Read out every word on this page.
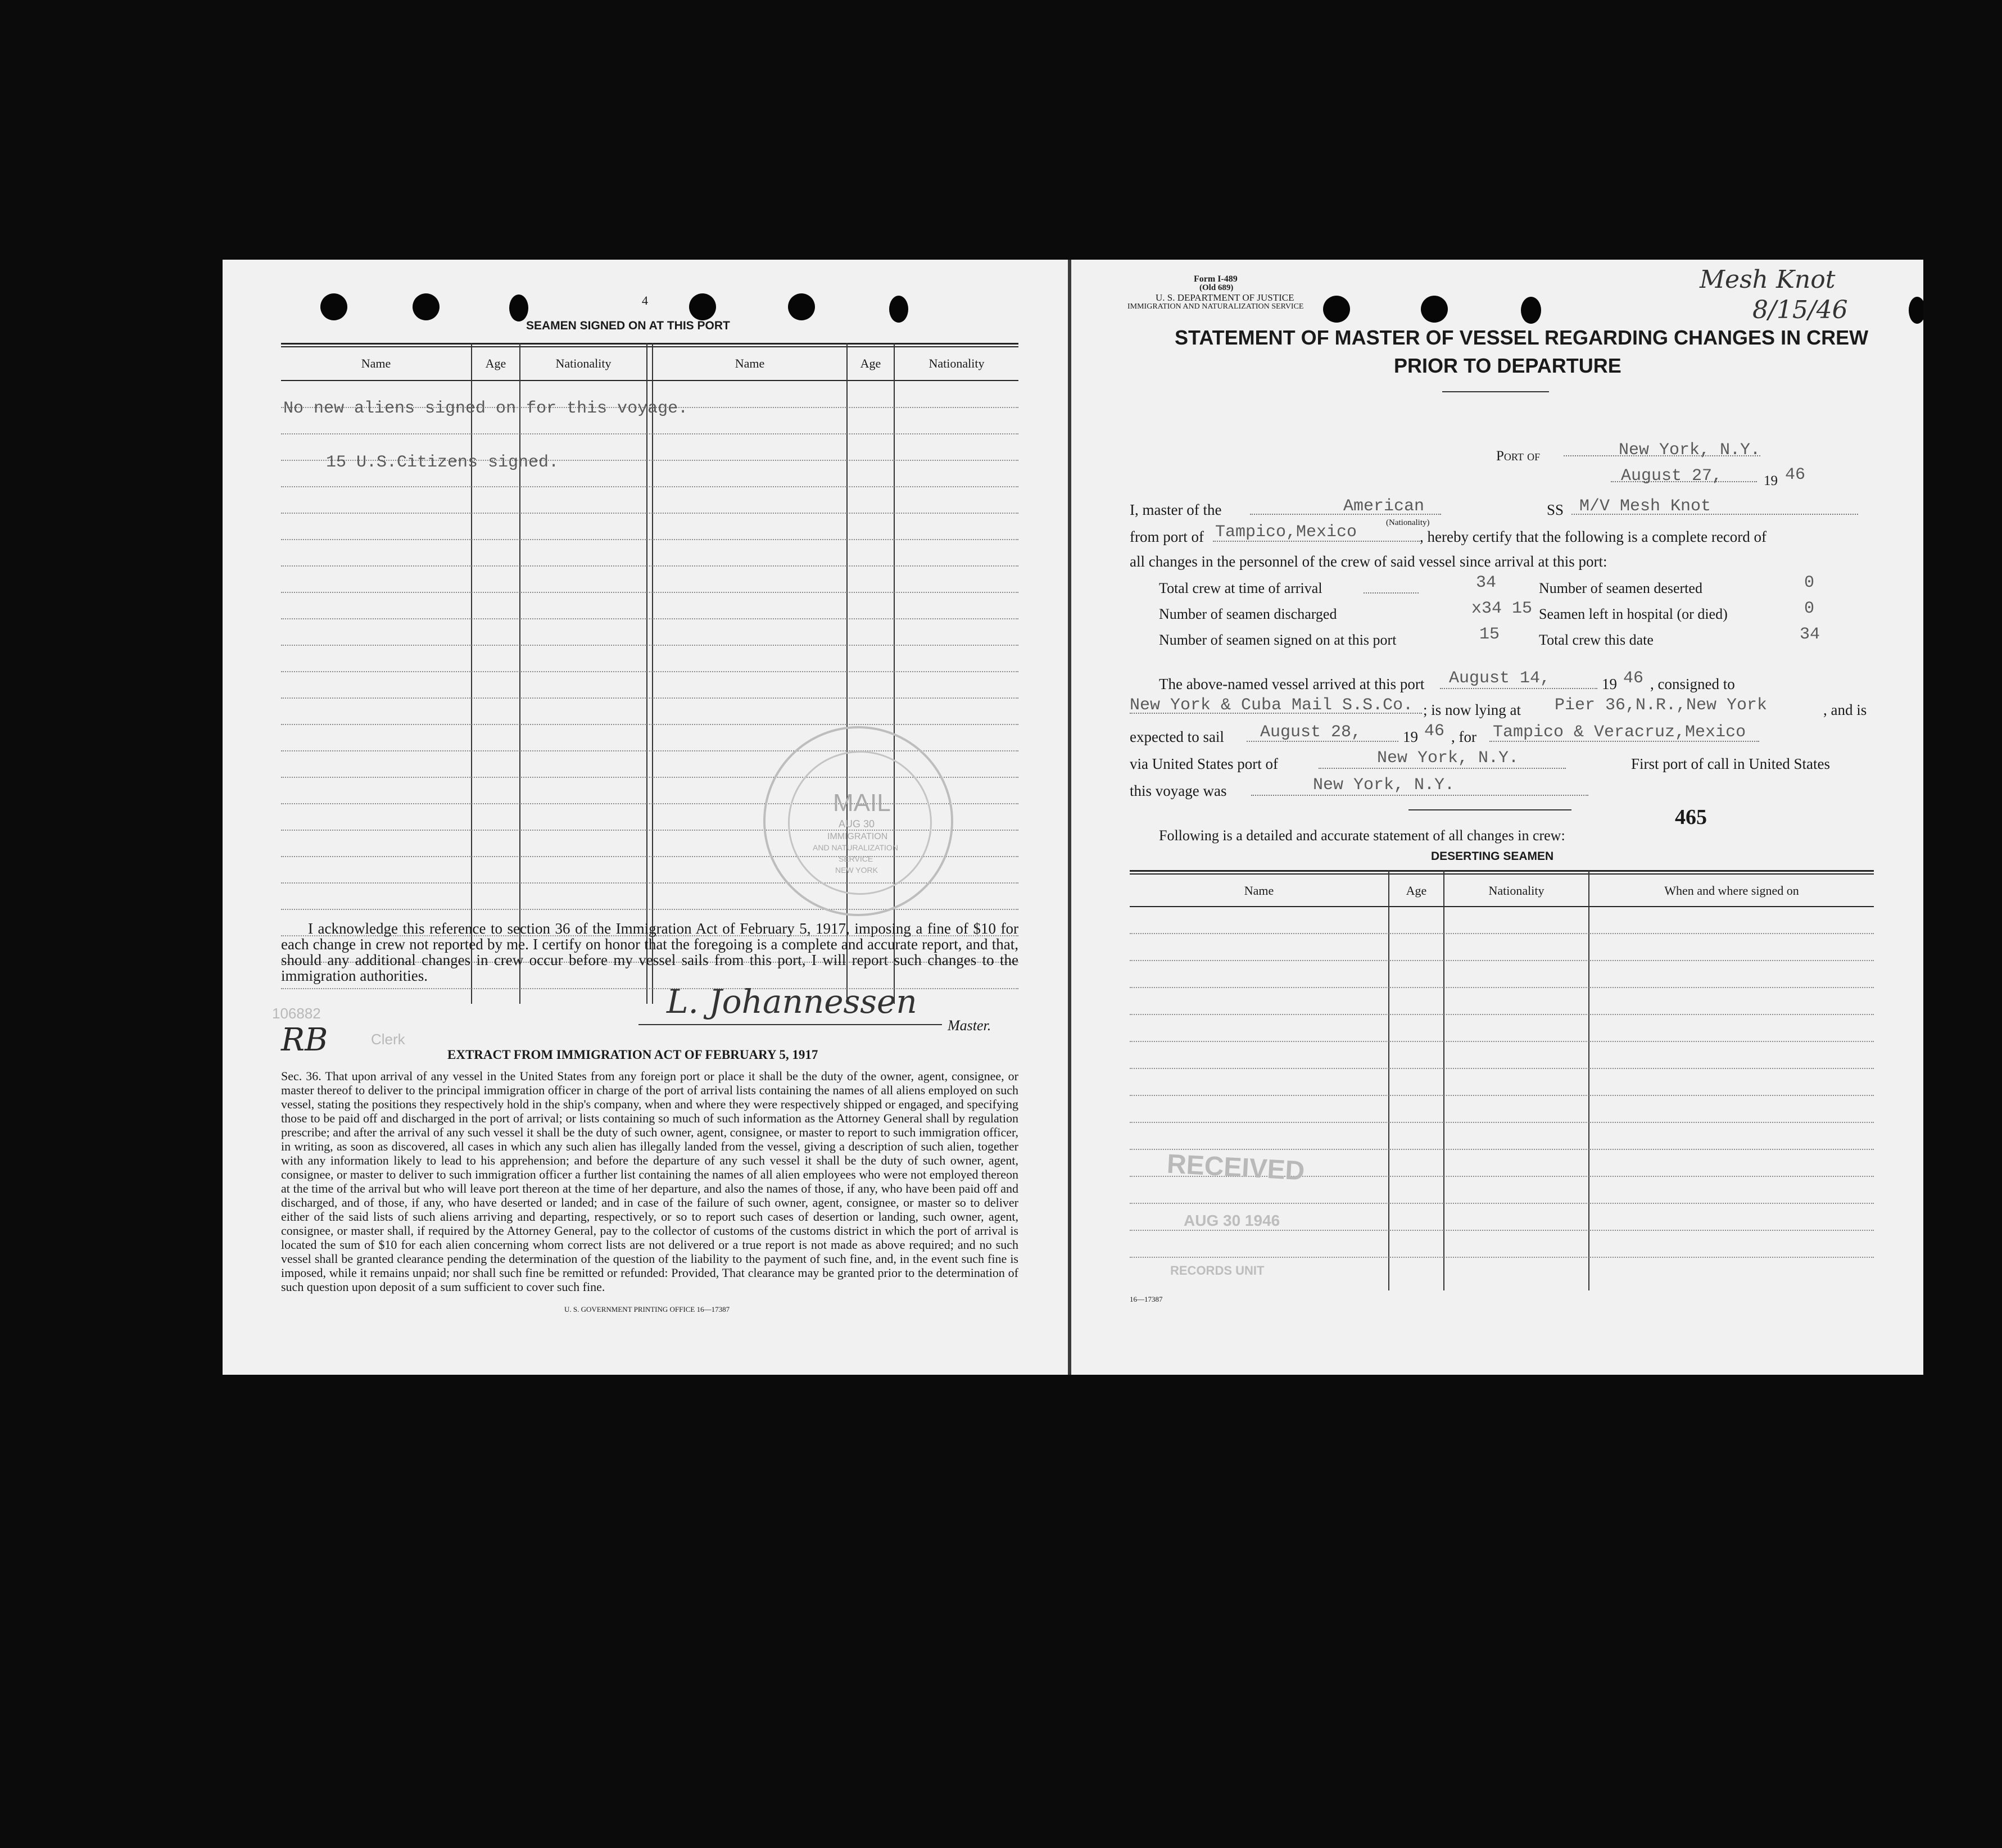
4
SEAMEN SIGNED ON AT THIS PORT
Name	Age	Nationality	Name	Age	Nationality
No new aliens signed on for this voyage.
15 U.S.Citizens signed.
MAIL
AUG 30
IMMIGRATION
AND NATURALIZATION
SERVICE
NEW YORK
I acknowledge this reference to section 36 of the Immigration Act of February 5, 1917, imposing a fine of $10 for each change in crew not reported by me. I certify on honor that the foregoing is a complete and accurate report, and that, should any additional changes in crew occur before my vessel sails from this port, I will report such changes to the immigration authorities.
L. Johannessen
Master.
106882
RB	Clerk
EXTRACT FROM IMMIGRATION ACT OF FEBRUARY 5, 1917
Sec. 36. That upon arrival of any vessel in the United States from any foreign port or place it shall be the duty of the owner, agent, consignee, or master thereof to deliver to the principal immigration officer in charge of the port of arrival lists containing the names of all aliens employed on such vessel, stating the positions they respectively hold in the ship's company, when and where they were respectively shipped or engaged, and specifying those to be paid off and discharged in the port of arrival; or lists containing so much of such information as the Attorney General shall by regulation prescribe; and after the arrival of any such vessel it shall be the duty of such owner, agent, consignee, or master to report to such immigration officer, in writing, as soon as discovered, all cases in which any such alien has illegally landed from the vessel, giving a description of such alien, together with any information likely to lead to his apprehension; and before the departure of any such vessel it shall be the duty of such owner, agent, consignee, or master to deliver to such immigration officer a further list containing the names of all alien employees who were not employed thereon at the time of the arrival but who will leave port thereon at the time of her departure, and also the names of those, if any, who have been paid off and discharged, and of those, if any, who have deserted or landed; and in case of the failure of such owner, agent, consignee, or master so to deliver either of the said lists of such aliens arriving and departing, respectively, or so to report such cases of desertion or landing, such owner, agent, consignee, or master shall, if required by the Attorney General, pay to the collector of customs of the customs district in which the port of arrival is located the sum of $10 for each alien concerning whom correct lists are not delivered or a true report is not made as above required; and no such vessel shall be granted clearance pending the determination of the question of the liability to the payment of such fine, and, in the event such fine is imposed, while it remains unpaid; nor shall such fine be remitted or refunded: Provided, That clearance may be granted prior to the determination of such question upon deposit of a sum sufficient to cover such fine.
U. S. GOVERNMENT PRINTING OFFICE 16—17387
Form I-489
(Old 689)
U. S. DEPARTMENT OF JUSTICE
IMMIGRATION AND NATURALIZATION SERVICE
Mesh Knot
8/15/46
STATEMENT OF MASTER OF VESSEL REGARDING CHANGES IN CREW
PRIOR TO DEPARTURE
Port of	New York, N.Y.
August 27,	19 46
I, master of the	American
(Nationality)
SS M/V Mesh Knot
from port of Tampico,Mexico	, hereby certify that the following is a complete record of
all changes in the personnel of the crew of said vessel since arrival at this port:
Total crew at time of arrival	34	Number of seamen deserted	0
Number of seamen discharged	x34 15 Seamen left in hospital (or died)	0
Number of seamen signed on at this port	15	Total crew this date	34
The above-named vessel arrived at this port August 14,	19 46 , consigned to
New York & Cuba Mail S.S.Co. ; is now lying at Pier 36,N.R.,New York	, and is
expected to sail August 28,	19 46 , for Tampico & Veracruz,Mexico
via United States port of	New York, N.Y.	First port of call in United States
this voyage was	New York, N.Y.
465
Following is a detailed and accurate statement of all changes in crew:
DESERTING SEAMEN
Name	Age	Nationality	When and where signed on
RECEIVED
AUG 30 1946
RECORDS UNIT
16—17387
